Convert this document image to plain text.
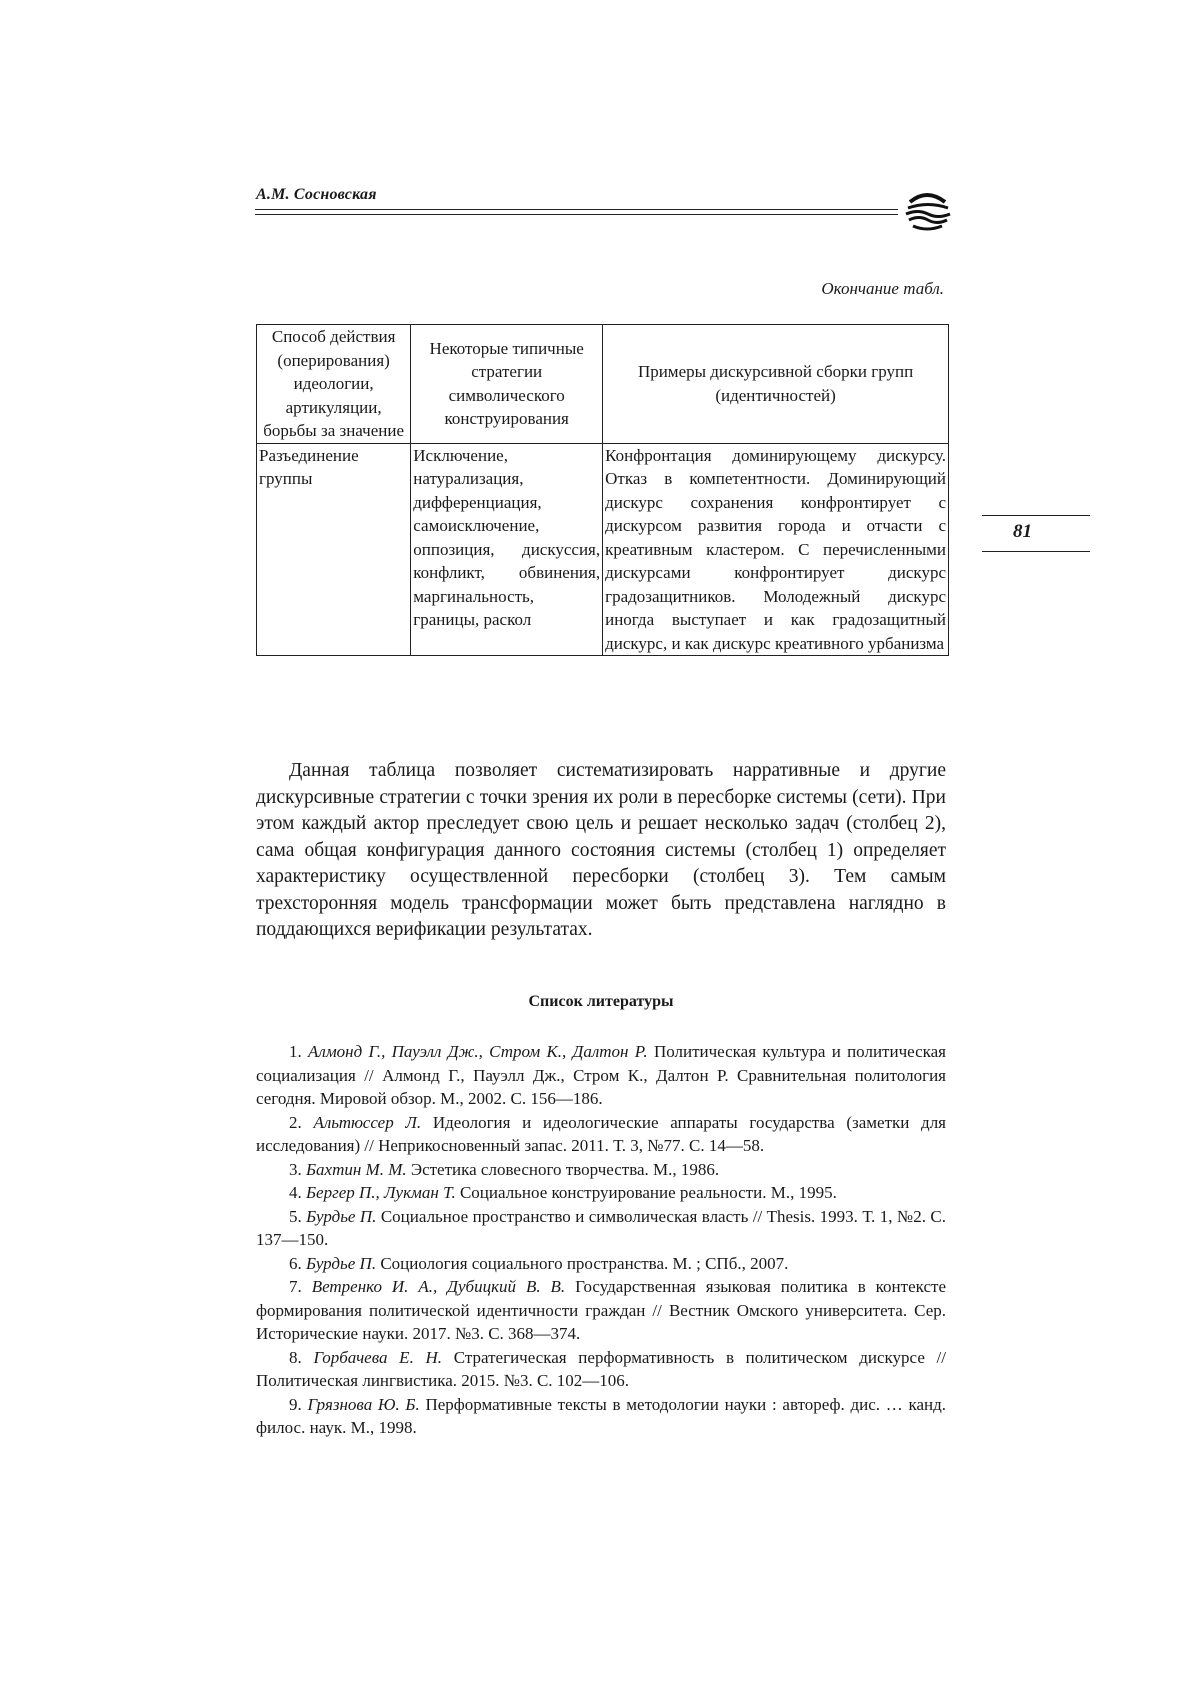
А.М. Сосновская
Окончание табл.
Способ действия (оперирования) идеологии, артикуляции, борьбы за значение	Некоторые типичные стратегии символического конструирования	Примеры дискурсивной сборки групп (идентичностей)
Разъединение группы	Исключение, натурализация, дифференциация, самоисключение, оппозиция, дискуссия, конфликт, обвинения, маргинальность, границы, раскол	Конфронтация доминирующему дискурсу. Отказ в компетентности. Доминирующий дискурс сохранения конфронтирует с дискурсом развития города и отчасти с креативным кластером. С перечисленными дискурсами конфронтирует дискурс градозащитников. Молодежный дискурс иногда выступает и как градозащитный дискурс, и как дискурс креативного урбанизма
81

Данная таблица позволяет систематизировать нарративные и другие дискурсивные стратегии с точки зрения их роли в пересборке системы (сети). При этом каждый актор преследует свою цель и решает несколько задач (столбец 2), сама общая конфигурация данного состояния системы (столбец 1) определяет характеристику осуществленной пересборки (столбец 3). Тем самым трехсторонняя модель трансформации может быть представлена наглядно в поддающихся верификации результатах.

Список литературы

1. Алмонд Г., Пауэлл Дж., Стром К., Далтон Р. Политическая культура и политическая социализация // Алмонд Г., Пауэлл Дж., Стром К., Далтон Р. Сравнительная политология сегодня. Мировой обзор. М., 2002. С. 156—186.

2. Альтюссер Л. Идеология и идеологические аппараты государства (заметки для исследования) // Неприкосновенный запас. 2011. Т. 3, №77. С. 14—58.

3. Бахтин М. М. Эстетика словесного творчества. М., 1986.

4. Бергер П., Лукман Т. Социальное конструирование реальности. М., 1995.

5. Бурдье П. Социальное пространство и символическая власть // Thesis. 1993. Т. 1, №2. С. 137—150.

6. Бурдье П. Социология социального пространства. М. ; СПб., 2007.

7. Ветренко И. А., Дубицкий В. В. Государственная языковая политика в контексте формирования политической идентичности граждан // Вестник Омского университета. Сер. Исторические науки. 2017. №3. С. 368—374.

8. Горбачева Е. Н. Стратегическая перформативность в политическом дискурсе // Политическая лингвистика. 2015. №3. С. 102—106.

9. Грязнова Ю. Б. Перформативные тексты в методологии науки : автореф. дис. … канд. филос. наук. М., 1998.
